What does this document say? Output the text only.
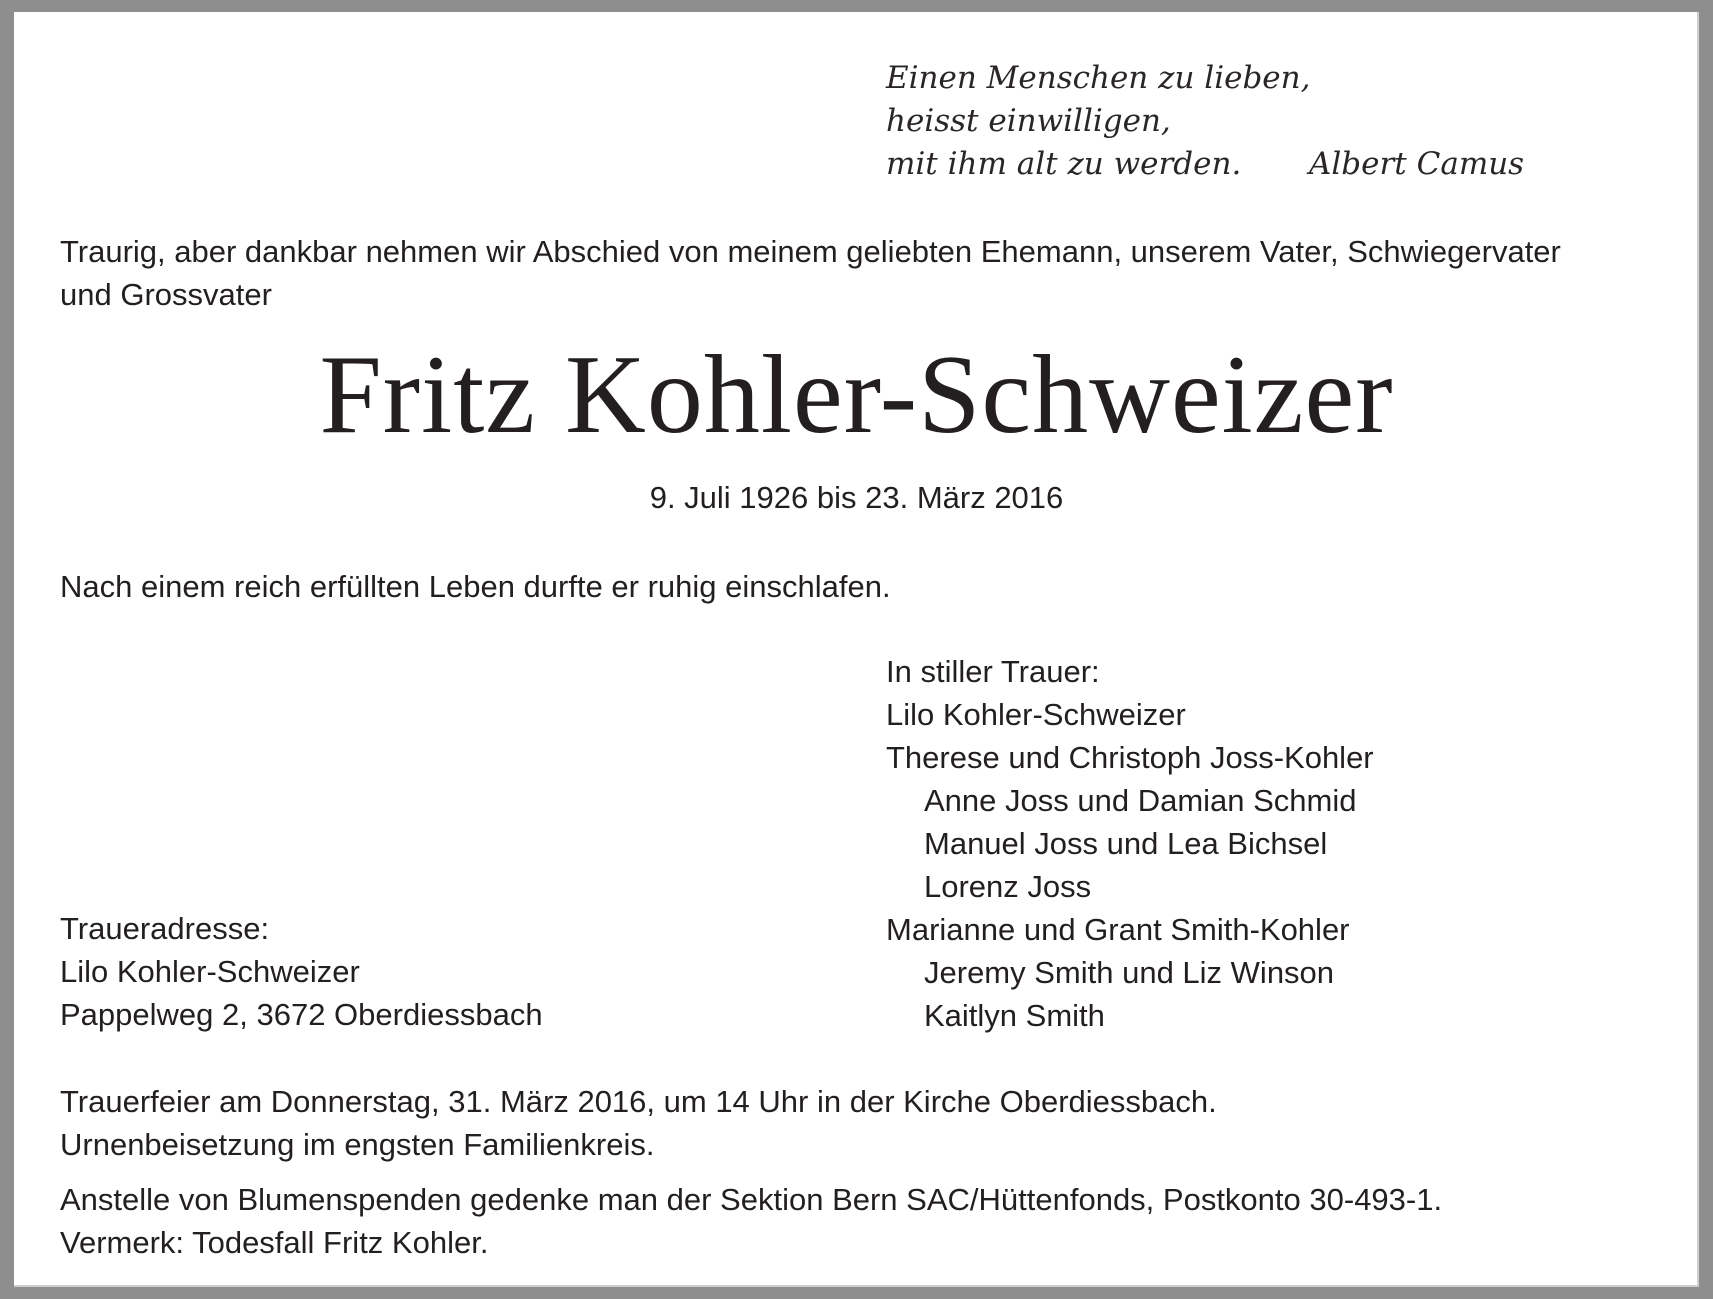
Einen Menschen zu lieben,
heisst einwilligen,
mit ihm alt zu werden.	Albert Camus
Traurig, aber dankbar nehmen wir Abschied von meinem geliebten Ehemann, unserem Vater, Schwiegervater
und Grossvater
Fritz Kohler-Schweizer
9. Juli 1926 bis 23. März 2016
Nach einem reich erfüllten Leben durfte er ruhig einschlafen.
In stiller Trauer:
Lilo Kohler-Schweizer
Therese und Christoph Joss-Kohler
Anne Joss und Damian Schmid
Manuel Joss und Lea Bichsel
Lorenz Joss
Marianne und Grant Smith-Kohler
Jeremy Smith und Liz Winson
Kaitlyn Smith
Traueradresse:
Lilo Kohler-Schweizer
Pappelweg 2, 3672 Oberdiessbach
Trauerfeier am Donnerstag, 31. März 2016, um 14 Uhr in der Kirche Oberdiessbach.
Urnenbeisetzung im engsten Familienkreis.
Anstelle von Blumenspenden gedenke man der Sektion Bern SAC/Hüttenfonds, Postkonto 30-493-1.
Vermerk: Todesfall Fritz Kohler.
